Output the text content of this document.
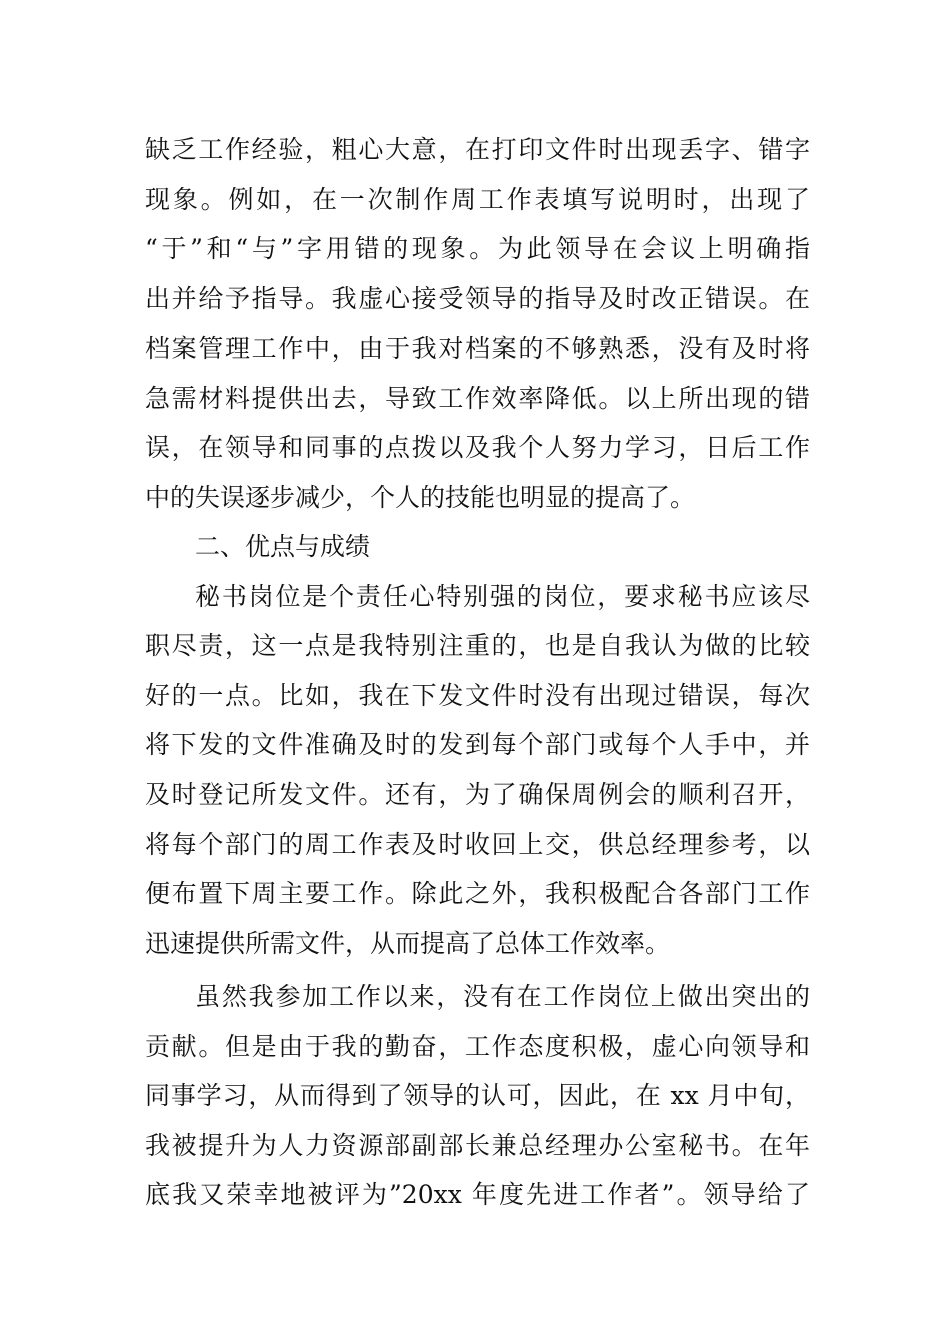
缺乏工作经验，粗心大意，在打印文件时出现丢字、错字
现象。例如，在一次制作周工作表填写说明时，出现了
“于”和“与”字用错的现象。为此领导在会议上明确指
出并给予指导。我虚心接受领导的指导及时改正错误。在
档案管理工作中，由于我对档案的不够熟悉，没有及时将
急需材料提供出去，导致工作效率降低。以上所出现的错
误，在领导和同事的点拨以及我个人努力学习，日后工作
中的失误逐步减少，个人的技能也明显的提高了。
二、优点与成绩
秘书岗位是个责任心特别强的岗位，要求秘书应该尽
职尽责，这一点是我特别注重的，也是自我认为做的比较
好的一点。比如，我在下发文件时没有出现过错误，每次
将下发的文件准确及时的发到每个部门或每个人手中，并
及时登记所发文件。还有，为了确保周例会的顺利召开，
将每个部门的周工作表及时收回上交，供总经理参考，以
便布置下周主要工作。除此之外，我积极配合各部门工作
迅速提供所需文件，从而提高了总体工作效率。
虽然我参加工作以来，没有在工作岗位上做出突出的
贡献。但是由于我的勤奋，工作态度积极，虚心向领导和
同事学习，从而得到了领导的认可，因此，在 xx 月中旬，
我被提升为人力资源部副部长兼总经理办公室秘书。在年
底我又荣幸地被评为”20xx 年度先进工作者”。领导给了
